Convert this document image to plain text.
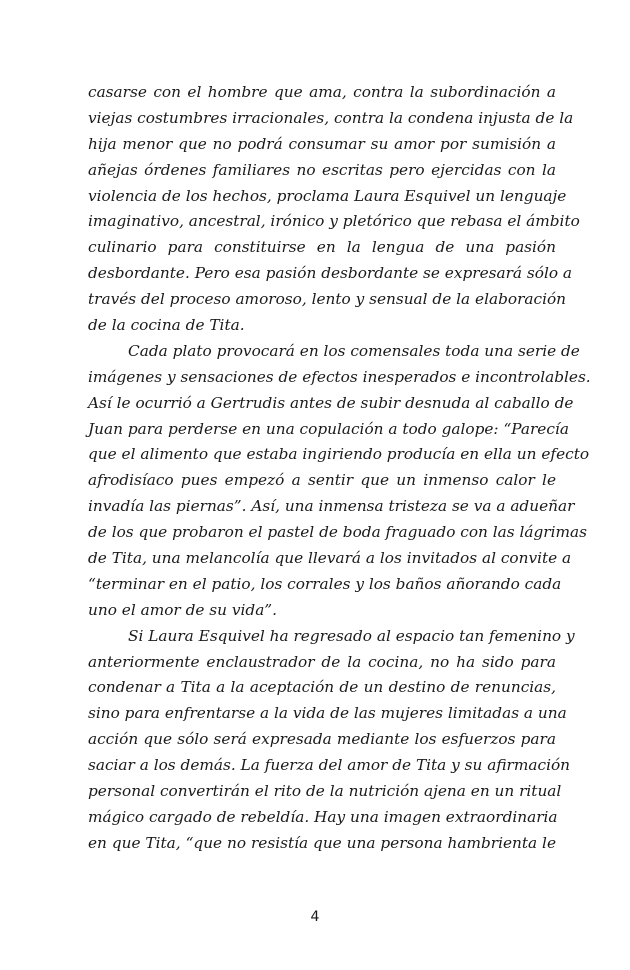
casarse con el hombre que ama, contra la subordinación a
viejas costumbres irracionales, contra la condena injusta de la
hija menor que no podrá consumar su amor por sumisión a
añejas órdenes familiares no escritas pero ejercidas con la
violencia de los hechos, proclama Laura Esquivel un lenguaje
imaginativo, ancestral, irónico y pletórico que rebasa el ámbito
culinario para constituirse en la lengua de una pasión
desbordante. Pero esa pasión desbordante se expresará sólo a
través del proceso amoroso, lento y sensual de la elaboración
de la cocina de Tita.
Cada plato provocará en los comensales toda una serie de
imágenes y sensaciones de efectos inesperados e incontrolables.
Así le ocurrió a Gertrudis antes de subir desnuda al caballo de
Juan para perderse en una copulación a todo galope: “Parecía
que el alimento que estaba ingiriendo producía en ella un efecto
afrodisíaco pues empezó a sentir que un inmenso calor le
invadía las piernas”. Así, una inmensa tristeza se va a adueñar
de los que probaron el pastel de boda fraguado con las lágrimas
de Tita, una melancolía que llevará a los invitados al convite a
“terminar en el patio, los corrales y los baños añorando cada
uno el amor de su vida”.
Si Laura Esquivel ha regresado al espacio tan femenino y
anteriormente enclaustrador de la cocina, no ha sido para
condenar a Tita a la aceptación de un destino de renuncias,
sino para enfrentarse a la vida de las mujeres limitadas a una
acción que sólo será expresada mediante los esfuerzos para
saciar a los demás. La fuerza del amor de Tita y su afirmación
personal convertirán el rito de la nutrición ajena en un ritual
mágico cargado de rebeldía. Hay una imagen extraordinaria
en que Tita, “que no resistía que una persona hambrienta le
4
